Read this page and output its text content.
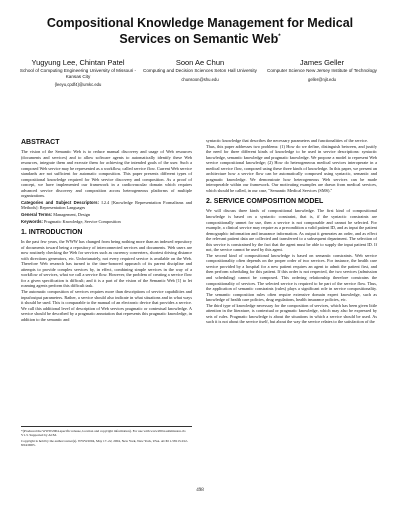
Compositional Knowledge Management for Medical Services on Semantic Web*
Yugyung Lee, Chintan Patel
School of Computing Engineering University of Missouri - Kansas City
{leeyu,cpdf4}@umkc.edu
Soon Ae Chun
Computing and Decision Sciences Seton Hall University
chunsoon@shu.edu
James Geller
Computer Science New Jersey Institute of Technology
geller@njit.edu
ABSTRACT

The vision of the Semantic Web is to reduce manual discovery and usage of Web resources (documents and services) and to allow software agents to automatically identify these Web resources, integrate them and execute them for achieving the intended goals of the user. Such a composed Web service may be represented as a workflow, called service flow. Current Web service standards are not sufficient for automatic composition. This paper presents different types of compositional knowledge required for Web service discovery and composition. As a proof of concept, we have implemented our framework in a cardiovascular domain which requires advanced service discovery and composition across heterogeneous platforms of multiple organizations.

Categories and Subject Descriptors: I.2.4 [Knowledge Representation Formalisms and Methods]: Representation Languages

General Terms: Management, Design

Keywords: Pragmatic Knowledge, Service Composition

1. INTRODUCTION

In the past few years, the WWW has changed from being nothing more than an indexed repository of documents toward being a repository of interconnected services and documents. Web users are now routinely checking the Web for services such as currency converters, shortest driving distance with directions generators, etc. Unfortunately, not every required service is available on the Web. Therefore Web research has turned to the time-honored approach of its parent discipline and attempts to provide complex services by, in effect, combining simple services in the way of a workflow of services, what we call a service flow. However, the problem of creating a service flow for a given specification is difficult; and it is a part of the vision of the Semantic Web [1] to let roaming agents perform this difficult task.

The automatic composition of services requires more than descriptions of service capabilities and input/output parameters. Rather, a service should also indicate in what situations and in what ways it should be used. This is comparable to the manual of an electronic device that provides a service. We call this additional level of description of Web services pragmatic or contextual knowledge. A service should be described by a pragmatic annotation that represents this pragmatic knowledge, in addition to the semantic and

*(Produced the WWW2004-specific release, location and copyright information). For use with www2004-submission.cls V1.3. Supported by ACM.
Copyright is held by the author/owner(s). WWW2004, May 17–22, 2004, New York, New York, USA. ACM 1-58113-912-8/04/0005.

syntactic knowledge that describes the necessary parameters and functionalities of the service.

Thus, this paper addresses two problems: (1) How do we define, distinguish between, and justify the need for three different kinds of knowledge to be used in service descriptions: syntactic knowledge, semantic knowledge and pragmatic knowledge. We propose a model to represent Web service compositional knowledge; (2) How do heterogeneous medical services interoperate in a medical service flow, composed using these three kinds of knowledge. In this paper, we present an architecture how a service flow can be automatically composed using syntactic, semantic and pragmatic knowledge. We demonstrate how heterogeneous Web services can be made interoperable within our framework. Our motivating examples are drawn from medical services, which should be called, in our case, "Semantic Medical Services (SMS)."

2. SERVICE COMPOSITION MODEL

We will discuss three kinds of compositional knowledge. The first kind of compositional knowledge is based on a syntactic constraint, that is, if the syntactic constraints are compositionally unmet for use, then a service is not composable and cannot be selected. For example, a clinical service may require as a precondition a valid patient ID, and as input the patient demographic information and insurance information. As output it generates an order, and as effect the relevant patient data are collected and transferred to a subsequent department. The selection of this service is constrained by the fact that the agent must be able to supply the input patient ID. If not, the service cannot be used by this agent.

The second kind of compositional knowledge is based on semantic constraints. Web service compositionality often depends on the proper order of two services. For instance, the health care service provided by a hospital for a new patient requires an agent to admit the patient first, and then perform scheduling for this patient. If this order is not respected, the two services (admission and scheduling) cannot be composed. This ordering relationship therefore constrains the compositionality of services. The selected service is required to be part of the service flow. Thus, the application of semantic constraints (rules) plays a significant role in service compositionality. The semantic composition rules often require extensive domain expert knowledge, such as knowledge of health care policies, drug regulations, health insurance policies, etc.

The third type of knowledge necessary for the composition of services, which has been given little attention in the literature, is contextual or pragmatic knowledge, which may also be expressed by sets of rules. Pragmatic knowledge is about the situations in which a service should be used. As such it is not about the service itself, but about the way the service relates to the satisfaction of the

498
